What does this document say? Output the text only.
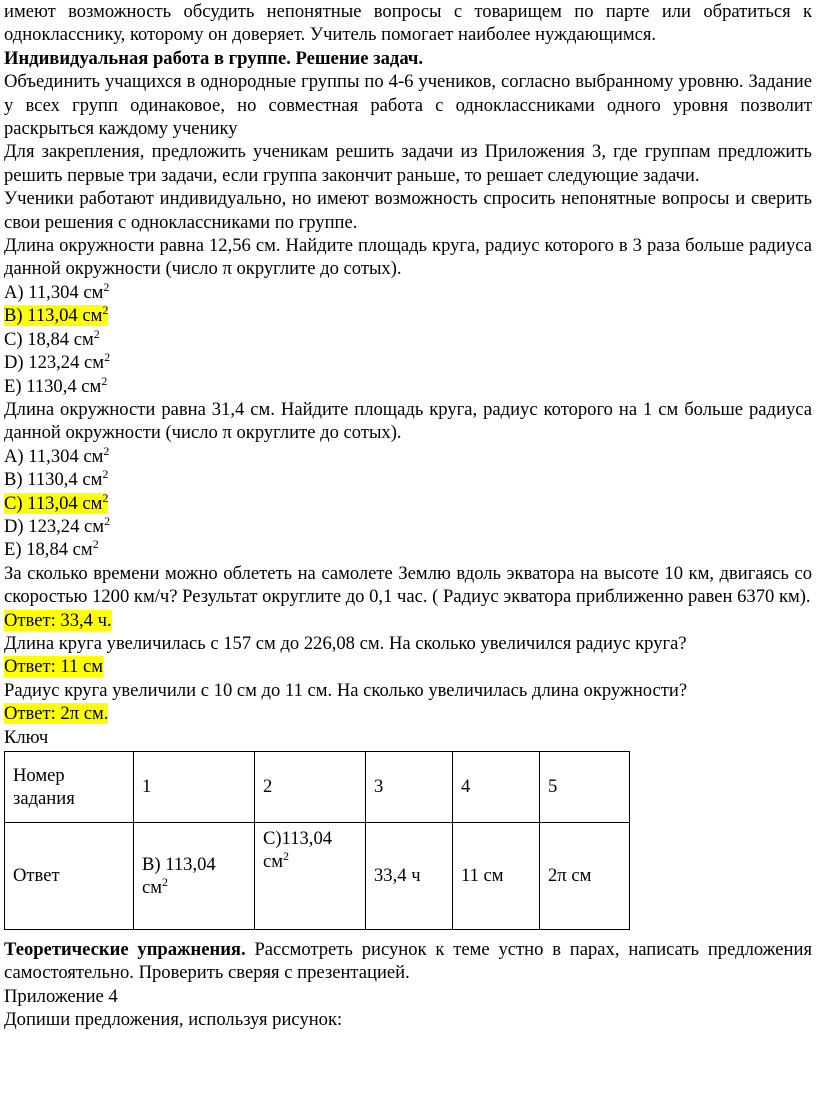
имеют возможность обсудить непонятные вопросы с товарищем по парте или обратиться к однокласснику, которому он доверяет. Учитель помогает наиболее нуждающимся.

Индивидуальная работа в группе. Решение задач.

Объединить учащихся в однородные группы по 4-6 учеников, согласно выбранному уровню. Задание у всех групп одинаковое, но совместная работа с одноклассниками одного уровня позволит раскрыться каждому ученику

Для закрепления, предложить ученикам решить задачи из Приложения 3, где группам предложить решить первые три задачи, если группа закончит раньше, то решает следующие задачи.

Ученики работают индивидуально, но имеют возможность спросить непонятные вопросы и сверить свои решения с одноклассниками по группе.

Длина окружности равна 12,56 см. Найдите площадь круга, радиус которого в 3 раза больше радиуса данной окружности (число π округлите до сотых).

A) 11,304 $см^2$
B) 113,04 $см^2$
C) 18,84 $см^2$
D) 123,24 $см^2$
E) 1130,4 $см^2$

Длина окружности равна 31,4 см. Найдите площадь круга, радиус которого на 1 см больше радиуса данной окружности (число π округлите до сотых).

A) 11,304 $см^2$
B) 1130,4 $см^2$
C) 113,04 $см^2$
D) 123,24 $см^2$
E) 18,84 $см^2$

За сколько времени можно облететь на самолете Землю вдоль экватора на высоте 10 км, двигаясь со скоростью 1200 км/ч? Результат округлите до 0,1 час. ( Радиус экватора приближенно равен 6370 км).

Ответ: 33,4 ч.

Длина круга увеличилась с 157 см до 226,08 см. На сколько увеличился радиус круга?

Ответ: 11 см

Радиус круга увеличили с 10 см до 11 см. На сколько увеличилась длина окружности?

Ответ: 2π см.

Ключ

Номер задания	1	2	3	4	5
Ответ	B) 113,04 $см^2$	C)113,04 $см^2$	33,4 ч	11 см	2π см

Теоретические упражнения. Рассмотреть рисунок к теме устно в парах, написать предложения самостоятельно. Проверить сверяя с презентацией.

Приложение 4

Допиши предложения, используя рисунок:
